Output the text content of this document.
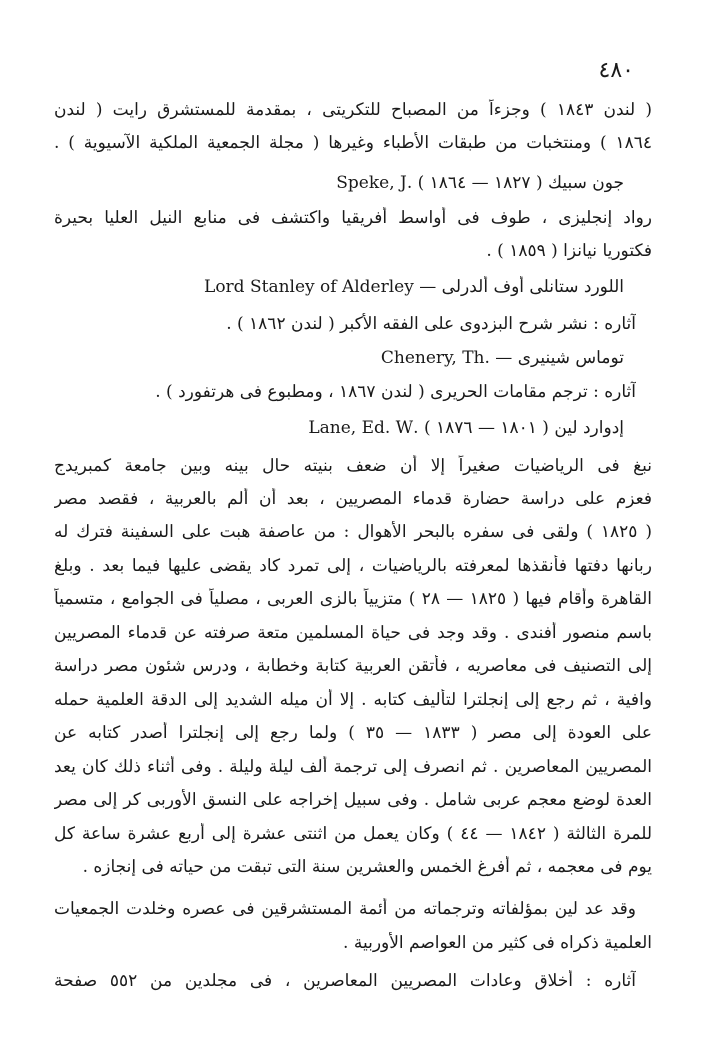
٤٨٠
( لندن ١٨٤٣ ) وجزءاً من المصباح للتكريتى ، بمقدمة للمستشرق رايت ( لندن
١٨٦٤ ) ومنتخبات من طبقات الأطباء وغيرها ( مجلة الجمعية الملكية الآسيوية ) .
جون سبيك ( ١٨٢٧ — ١٨٦٤ ) .Speke, J
رواد إنجليزى ، طوف فى أواسط أفريقيا واكتشف فى منابع النيل العليا بحيرة
فكتوريا نيانزا ( ١٨٥٩ ) .
اللورد ستانلى أوف ألدرلى — Lord Stanley of Alderley
آثاره : نشر شرح البزدوى على الفقه الأكبر ( لندن ١٨٦٢ ) .
توماس شينيرى — .Chenery, Th
آثاره : ترجم مقامات الحريرى ( لندن ١٨٦٧ ، ومطبوع فى هرتفورد ) .
إدوارد لين ( ١٨٠١ — ١٨٧٦ ) .Lane, Ed. W
نبغ فى الرياضيات صغيراً إلا أن ضعف بنيته حال بينه وبين جامعة كمبريدج
فعزم على دراسة حضارة قدماء المصريين ، بعد أن ألم بالعربية ، فقصد مصر
( ١٨٢٥ ) ولقى فى سفره بالبحر الأهوال : من عاصفة هبت على السفينة فترك له
ربانها دفتها فأنقذها لمعرفته بالرياضيات ، إلى تمرد كاد يقضى عليها فيما بعد . وبلغ
القاهرة وأقام فيها ( ١٨٢٥ — ٢٨ ) متزيياً بالزى العربى ، مصلياً فى الجوامع ، متسمياً
باسم منصور أفندى . وقد وجد فى حياة المسلمين متعة صرفته عن قدماء المصريين
إلى التصنيف فى معاصريه ، فأتقن العربية كتابة وخطابة ، ودرس شئون مصر دراسة
وافية ، ثم رجع إلى إنجلترا لتأليف كتابه . إلا أن ميله الشديد إلى الدقة العلمية حمله
على العودة إلى مصر ( ١٨٣٣ — ٣٥ ) ولما رجع إلى إنجلترا أصدر كتابه عن
المصريين المعاصرين . ثم انصرف إلى ترجمة ألف ليلة وليلة . وفى أثناء ذلك كان يعد
العدة لوضع معجم عربى شامل . وفى سبيل إخراجه على النسق الأوربى كر إلى مصر
للمرة الثالثة ( ١٨٤٢ — ٤٤ ) وكان يعمل من اثنتى عشرة إلى أربع عشرة ساعة كل
يوم فى معجمه ، ثم أفرغ الخمس والعشرين سنة التى تبقت من حياته فى إنجازه .
وقد عد لين بمؤلفاته وترجماته من أئمة المستشرقين فى عصره وخلدت الجمعيات
العلمية ذكراه فى كثير من العواصم الأوربية .
آثاره : أخلاق وعادات المصريين المعاصرين ، فى مجلدين من ٥٥٢ صفحة
